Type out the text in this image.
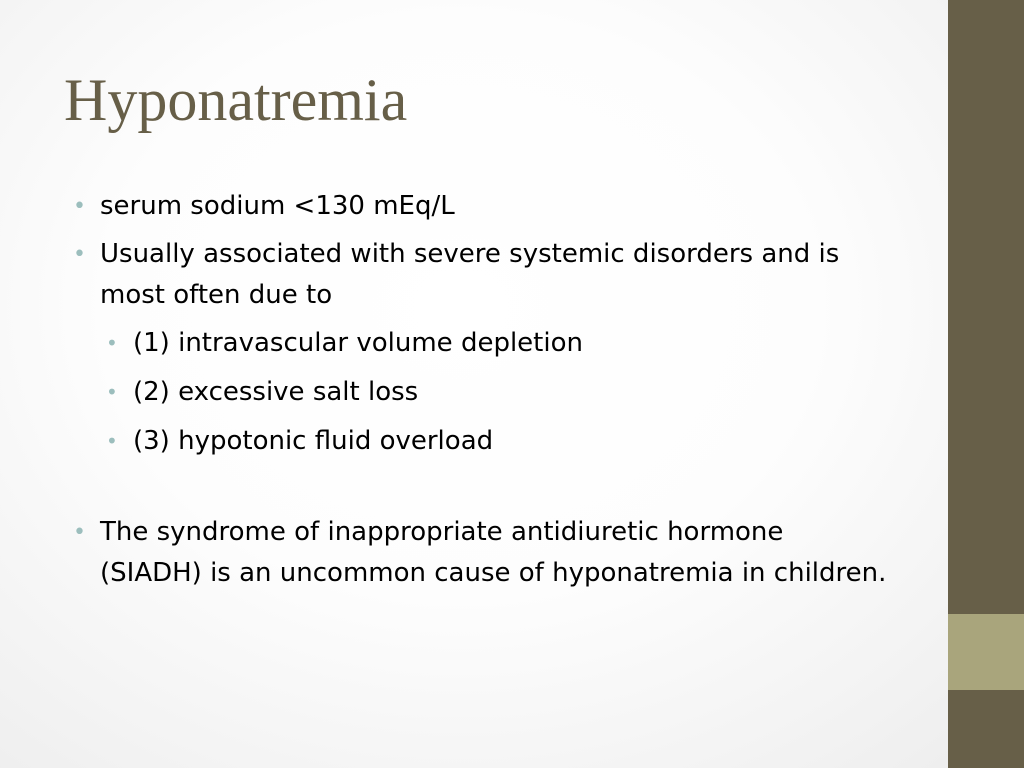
Hyponatremia
• serum sodium <130 mEq/L
• Usually associated with severe systemic disorders and is most often due to
• (1) intravascular volume depletion
• (2) excessive salt loss
• (3) hypotonic fluid overload
• The syndrome of inappropriate antidiuretic hormone (SIADH) is an uncommon cause of hyponatremia in children.
